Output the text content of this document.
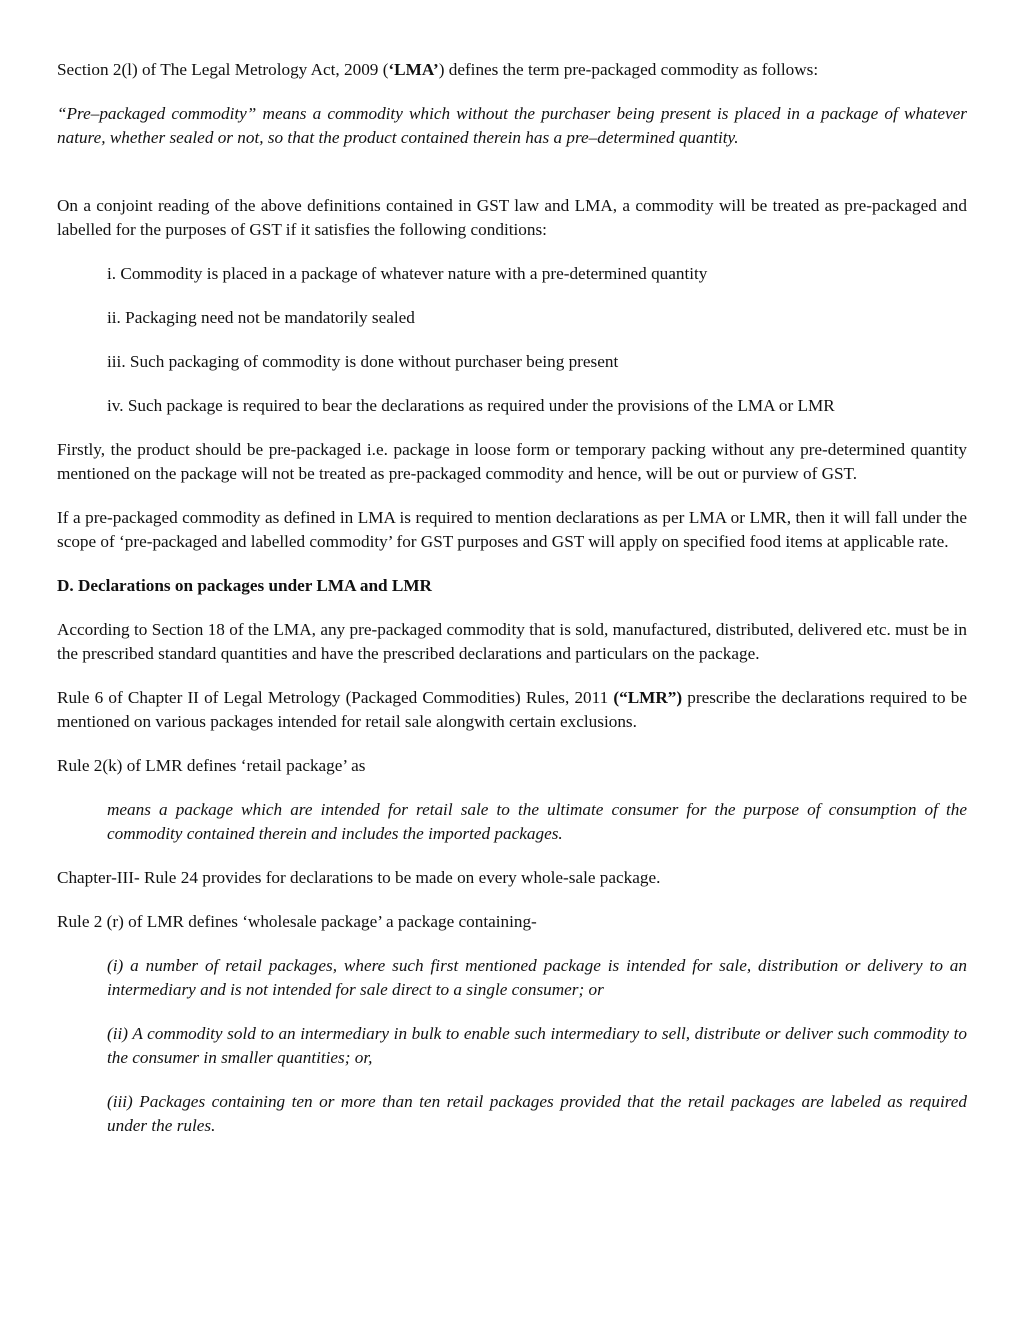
Section 2(l) of The Legal Metrology Act, 2009 (‘LMA’) defines the term pre-packaged commodity as follows:

“Pre–packaged commodity” means a commodity which without the purchaser being present is placed in a package of whatever nature, whether sealed or not, so that the product contained therein has a pre–determined quantity.

On a conjoint reading of the above definitions contained in GST law and LMA, a commodity will be treated as pre-packaged and labelled for the purposes of GST if it satisfies the following conditions:

i. Commodity is placed in a package of whatever nature with a pre-determined quantity

ii. Packaging need not be mandatorily sealed

iii. Such packaging of commodity is done without purchaser being present

iv. Such package is required to bear the declarations as required under the provisions of the LMA or LMR

Firstly, the product should be pre-packaged i.e. package in loose form or temporary packing without any pre-determined quantity mentioned on the package will not be treated as pre-packaged commodity and hence, will be out or purview of GST.

If a pre-packaged commodity as defined in LMA is required to mention declarations as per LMA or LMR, then it will fall under the scope of ‘pre-packaged and labelled commodity’ for GST purposes and GST will apply on specified food items at applicable rate.

D. Declarations on packages under LMA and LMR

According to Section 18 of the LMA, any pre-packaged commodity that is sold, manufactured, distributed, delivered etc. must be in the prescribed standard quantities and have the prescribed declarations and particulars on the package.

Rule 6 of Chapter II of Legal Metrology (Packaged Commodities) Rules, 2011 (“LMR”) prescribe the declarations required to be mentioned on various packages intended for retail sale alongwith certain exclusions.

Rule 2(k) of LMR defines ‘retail package’ as

means a package which are intended for retail sale to the ultimate consumer for the purpose of consumption of the commodity contained therein and includes the imported packages.

Chapter-III- Rule 24 provides for declarations to be made on every whole-sale package.

Rule 2 (r) of LMR defines ‘wholesale package’ a package containing-

(i) a number of retail packages, where such first mentioned package is intended for sale, distribution or delivery to an intermediary and is not intended for sale direct to a single consumer; or

(ii) A commodity sold to an intermediary in bulk to enable such intermediary to sell, distribute or deliver such commodity to the consumer in smaller quantities; or,

(iii) Packages containing ten or more than ten retail packages provided that the retail packages are labeled as required under the rules.
